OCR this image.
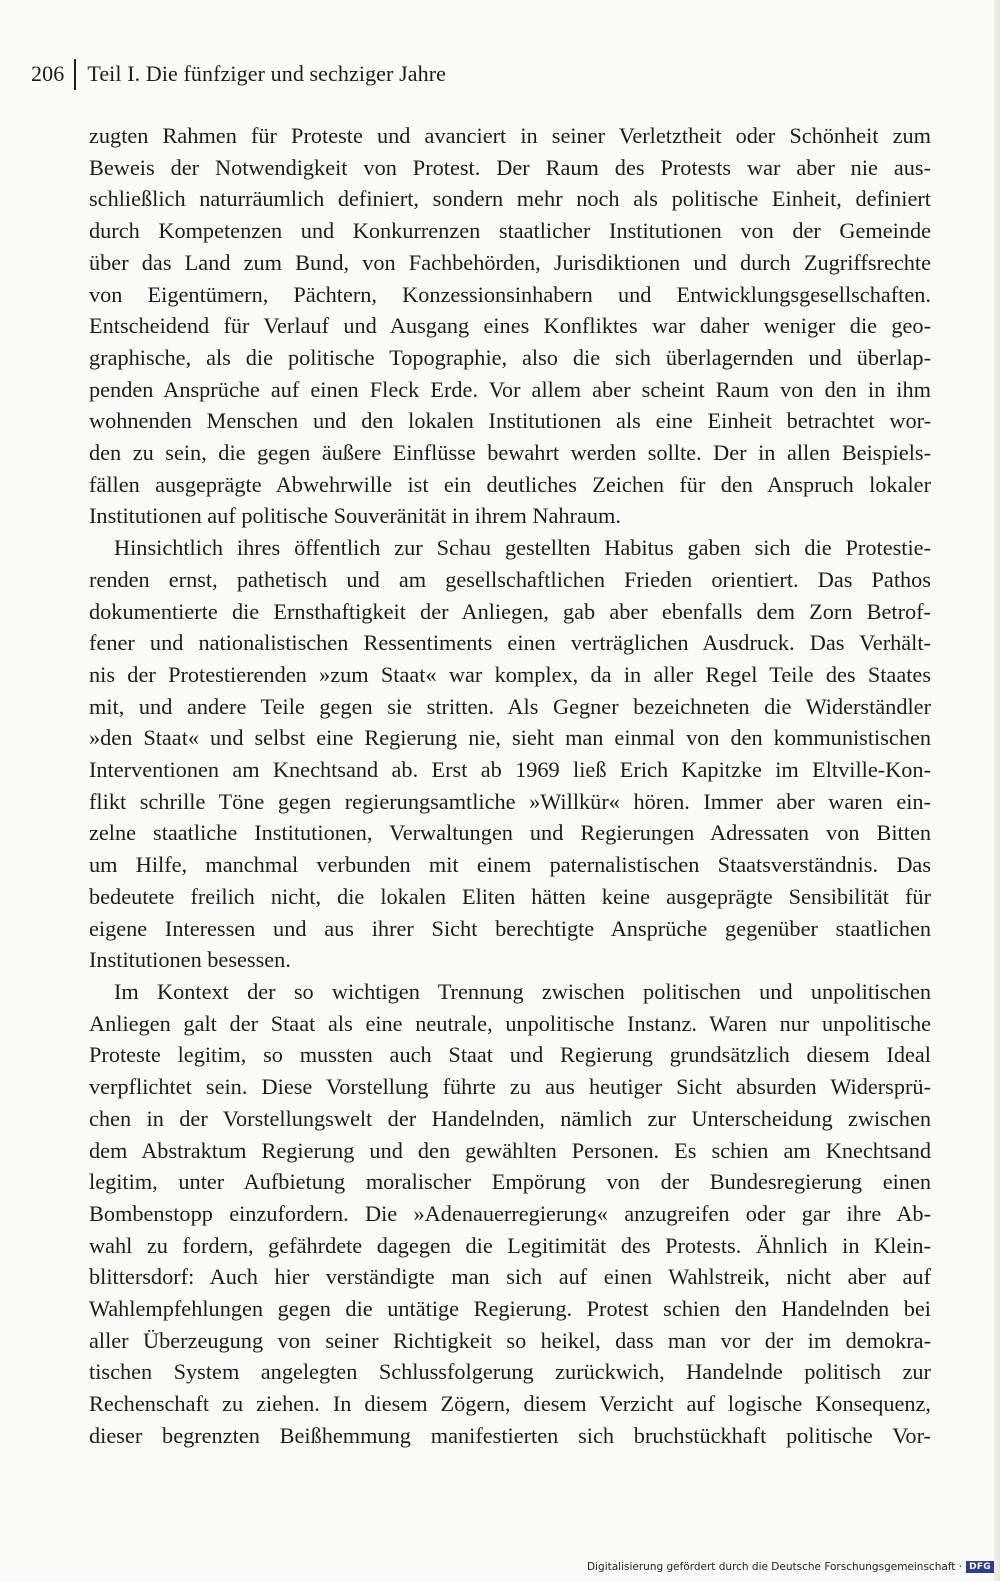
206 Teil I. Die fünfziger und sechziger Jahre

zugten Rahmen für Proteste und avanciert in seiner Verletztheit oder Schönheit zum
Beweis der Notwendigkeit von Protest. Der Raum des Protests war aber nie aus-
schließlich naturräumlich definiert, sondern mehr noch als politische Einheit, definiert
durch Kompetenzen und Konkurrenzen staatlicher Institutionen von der Gemeinde
über das Land zum Bund, von Fachbehörden, Jurisdiktionen und durch Zugriffsrechte
von Eigentümern, Pächtern, Konzessionsinhabern und Entwicklungsgesellschaften.
Entscheidend für Verlauf und Ausgang eines Konfliktes war daher weniger die geo-
graphische, als die politische Topographie, also die sich überlagernden und überlap-
penden Ansprüche auf einen Fleck Erde. Vor allem aber scheint Raum von den in ihm
wohnenden Menschen und den lokalen Institutionen als eine Einheit betrachtet wor-
den zu sein, die gegen äußere Einflüsse bewahrt werden sollte. Der in allen Beispiels-
fällen ausgeprägte Abwehrwille ist ein deutliches Zeichen für den Anspruch lokaler
Institutionen auf politische Souveränität in ihrem Nahraum.

Hinsichtlich ihres öffentlich zur Schau gestellten Habitus gaben sich die Protestie-
renden ernst, pathetisch und am gesellschaftlichen Frieden orientiert. Das Pathos
dokumentierte die Ernsthaftigkeit der Anliegen, gab aber ebenfalls dem Zorn Betrof-
fener und nationalistischen Ressentiments einen verträglichen Ausdruck. Das Verhält-
nis der Protestierenden »zum Staat« war komplex, da in aller Regel Teile des Staates
mit, und andere Teile gegen sie stritten. Als Gegner bezeichneten die Widerständler
»den Staat« und selbst eine Regierung nie, sieht man einmal von den kommunistischen
Interventionen am Knechtsand ab. Erst ab 1969 ließ Erich Kapitzke im Eltville-Kon-
flikt schrille Töne gegen regierungsamtliche »Willkür« hören. Immer aber waren ein-
zelne staatliche Institutionen, Verwaltungen und Regierungen Adressaten von Bitten
um Hilfe, manchmal verbunden mit einem paternalistischen Staatsverständnis. Das
bedeutete freilich nicht, die lokalen Eliten hätten keine ausgeprägte Sensibilität für
eigene Interessen und aus ihrer Sicht berechtigte Ansprüche gegenüber staatlichen
Institutionen besessen.

Im Kontext der so wichtigen Trennung zwischen politischen und unpolitischen
Anliegen galt der Staat als eine neutrale, unpolitische Instanz. Waren nur unpolitische
Proteste legitim, so mussten auch Staat und Regierung grundsätzlich diesem Ideal
verpflichtet sein. Diese Vorstellung führte zu aus heutiger Sicht absurden Widersprü-
chen in der Vorstellungswelt der Handelnden, nämlich zur Unterscheidung zwischen
dem Abstraktum Regierung und den gewählten Personen. Es schien am Knechtsand
legitim, unter Aufbietung moralischer Empörung von der Bundesregierung einen
Bombenstopp einzufordern. Die »Adenauerregierung« anzugreifen oder gar ihre Ab-
wahl zu fordern, gefährdete dagegen die Legitimität des Protests. Ähnlich in Klein-
blittersdorf: Auch hier verständigte man sich auf einen Wahlstreik, nicht aber auf
Wahlempfehlungen gegen die untätige Regierung. Protest schien den Handelnden bei
aller Überzeugung von seiner Richtigkeit so heikel, dass man vor der im demokra-
tischen System angelegten Schlussfolgerung zurückwich, Handelnde politisch zur
Rechenschaft zu ziehen. In diesem Zögern, diesem Verzicht auf logische Konsequenz,
dieser begrenzten Beißhemmung manifestierten sich bruchstückhaft politische Vor-

Digitalisierung gefördert durch die Deutsche Forschungsgemeinschaft · DFG
